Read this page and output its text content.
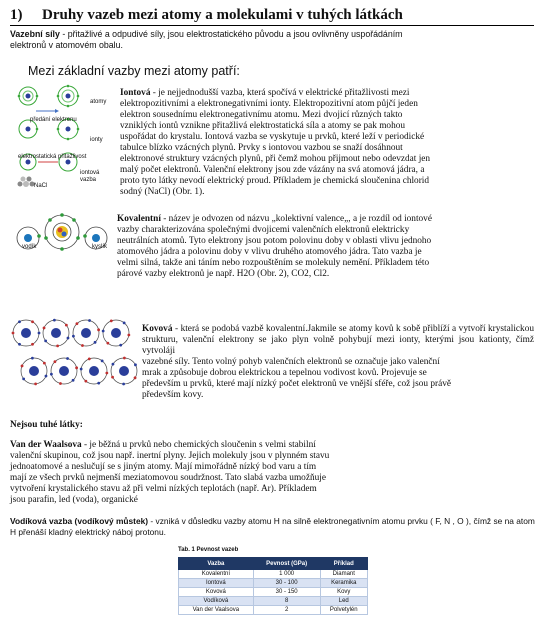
1) Druhy vazeb mezi atomy a molekulami v tuhých látkách
Vazební síly - přitažlivé a odpudivé síly, jsou elektrostatického původu a jsou ovlivněny uspořádáním elektronů v atomovém obalu.
Mezi základní vazby mezi atomy patří:
atomy
předání elektronu
ionty
elektrostatická přitažlivost
iontová vazba
NaCl
Iontová - je nejjednodušší vazba, která spočívá v elektrické přitažlivosti mezi elektropozitivními a elektronegativními ionty. Elektropozitivní atom půjčí jeden elektron sousednímu elektronegativnímu atomu. Mezi dvojicí různých takto vzniklých iontů vznikne přitažlivá elektrostatická síla a atomy se pak mohou uspořádat do krystalu. Iontová vazba se vyskytuje u prvků, které leží v periodické tabulce blízko vzácných plynů. Prvky s iontovou vazbou se snaží dosáhnout elektronové struktury vzácných plynů, při čemž mohou přijmout nebo odevzdat jen malý počet elektronů. Valenční elektrony jsou zde vázány na svá atomová jádra, a proto tyto látky nevodí elektrický proud. Příkladem je chemická sloučenina chlorid sodný (NaCl) (Obr. 1).
vodík	kyslík
Kovalentní - název je odvozen od názvu „kolektivní valence„, a je rozdíl od iontové vazby charakterizována společnými dvojicemi valenčních elektronů elektricky neutrálních atomů. Tyto elektrony jsou potom polovinu doby v oblasti vlivu jednoho atomového jádra a polovinu doby v vlivu druhého atomového jádra. Tato vazba je velmi silná, takže ani táním nebo rozpouštěním se molekuly nemění. Příkladem této párové vazby elektronů je např. H2O (Obr. 2), CO2, Cl2.
Kovová - která se podobá vazbě kovalentní.Jakmile se atomy kovů k sobě přiblíží a vytvoří krystalickou strukturu, valenční elektrony se jako plyn volně pohybují mezi ionty, kterými jsou kationty, čímž vytvoláji
vazebné síly. Tento volný pohyb valenčních elektronů se označuje jako valenční mrak a způsobuje dobrou elektrickou a tepelnou vodivost kovů. Projevuje se především u prvků, které mají nízký počet elektronů ve vnější sféře, což jsou právě především kovy.
Nejsou tuhé látky:
Van der Waalsova - je běžná u prvků nebo chemických sloučenin s velmi stabilní valenční skupinou, což jsou např. inertní plyny. Jejich molekuly jsou v plynném stavu jednoatomové a neslučují se s jiným atomy. Mají mimořádně nízký bod varu a tím mají ze všech prvků nejmenší meziatomovou soudržnost. Tato slabá vazba umožňuje vytvoření krystalického stavu až při velmi nízkých teplotách (např. Ar). Příkladem jsou parafin, led (voda), organické
Vodíková vazba (vodíkový můstek) - vzniká v důsledku vazby atomu H na silně elektronegativním atomu prvku ( F, N , O ), čímž se na atom H přenáší kladný elektrický náboj protonu.
Tab. 1 Pevnost vazeb
Vazba	Pevnost (GPa)	Příklad
Kovalentní	1 000	Diamant
Iontová	30 - 100	Keramika
Kovová	30 - 150	Kovy
Vodíková	8	Led
Van der Vaalsova	2	Polvetylén
